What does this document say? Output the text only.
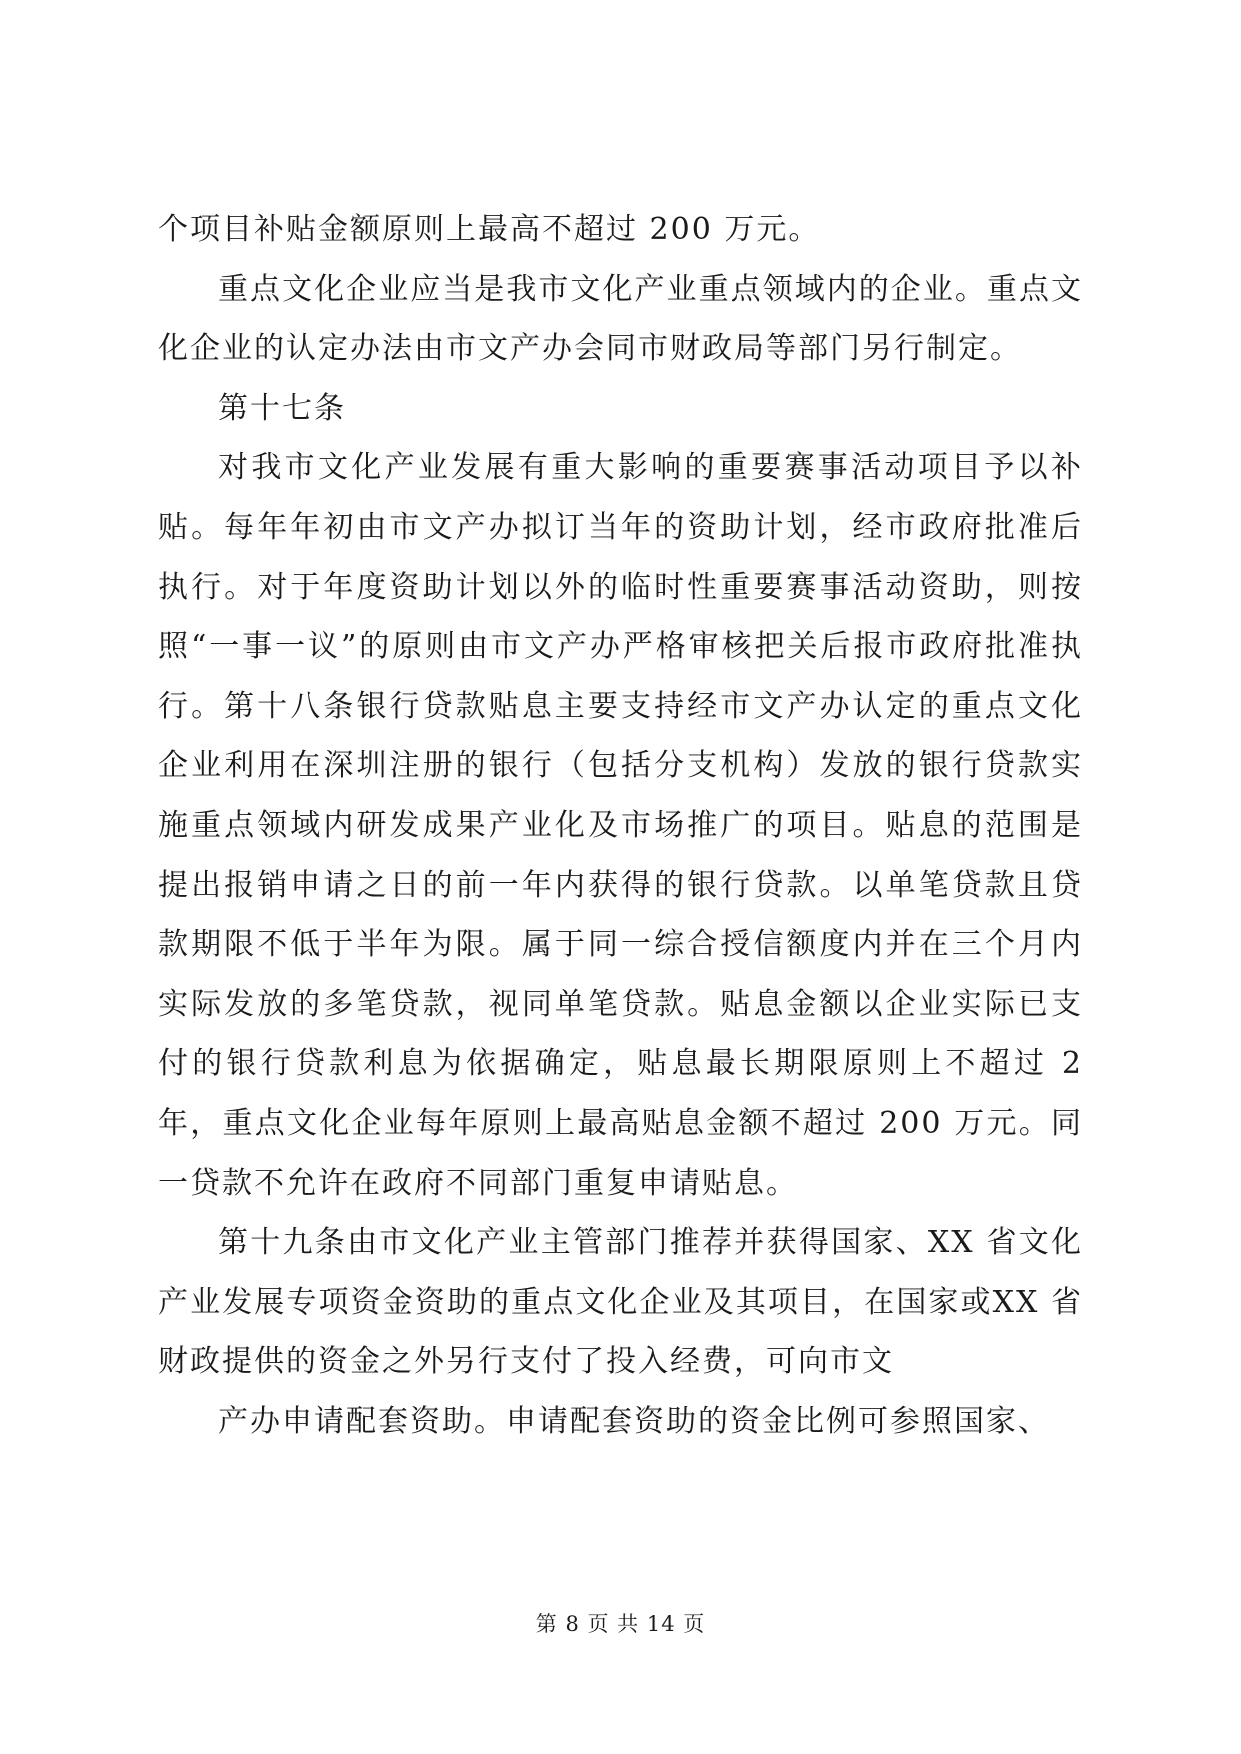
个项目补贴金额原则上最高不超过 200 万元。

重点文化企业应当是我市文化产业重点领域内的企业。重点文化企业的认定办法由市文产办会同市财政局等部门另行制定。

第十七条

对我市文化产业发展有重大影响的重要赛事活动项目予以补贴。每年年初由市文产办拟订当年的资助计划，经市政府批准后执行。对于年度资助计划以外的临时性重要赛事活动资助，则按照“一事一议”的原则由市文产办严格审核把关后报市政府批准执行。第十八条银行贷款贴息主要支持经市文产办认定的重点文化企业利用在深圳注册的银行（包括分支机构）发放的银行贷款实施重点领域内研发成果产业化及市场推广的项目。贴息的范围是提出报销申请之日的前一年内获得的银行贷款。以单笔贷款且贷款期限不低于半年为限。属于同一综合授信额度内并在三个月内实际发放的多笔贷款，视同单笔贷款。贴息金额以企业实际已支付的银行贷款利息为依据确定，贴息最长期限原则上不超过 2 年，重点文化企业每年原则上最高贴息金额不超过 200 万元。同一贷款不允许在政府不同部门重复申请贴息。

第十九条由市文化产业主管部门推荐并获得国家、XX 省文化产业发展专项资金资助的重点文化企业及其项目，在国家或XX 省财政提供的资金之外另行支付了投入经费，可向市文

产办申请配套资助。申请配套资助的资金比例可参照国家、

第 8 页 共 14 页
